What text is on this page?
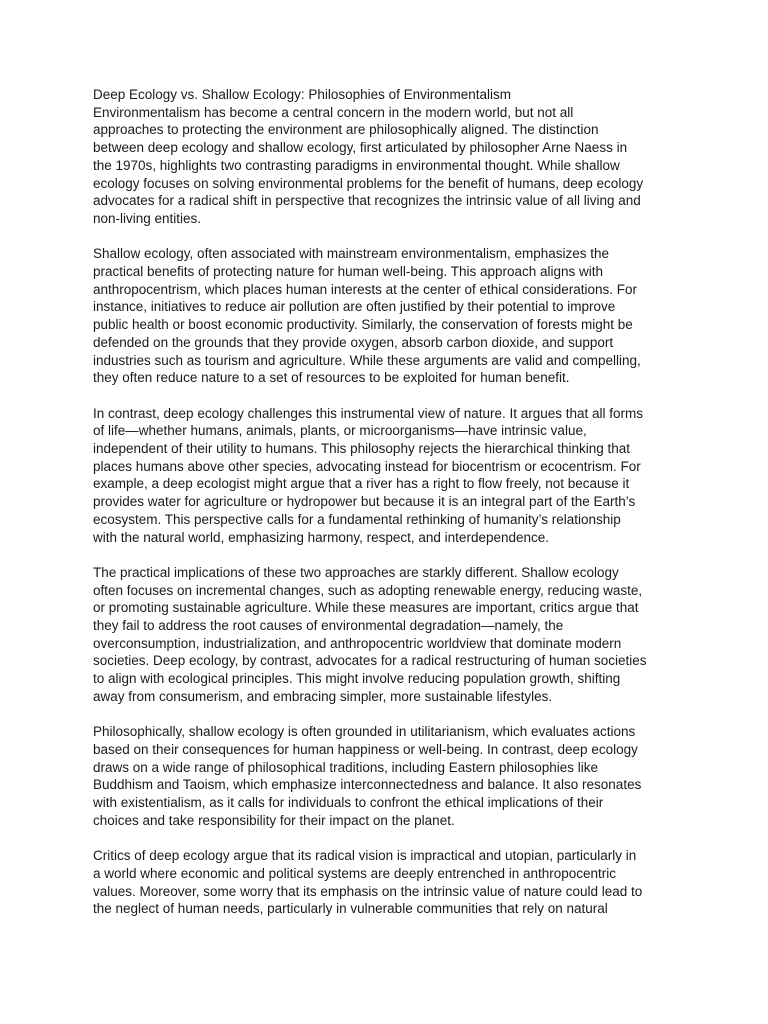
Deep Ecology vs. Shallow Ecology: Philosophies of Environmentalism

Environmentalism has become a central concern in the modern world, but not all
approaches to protecting the environment are philosophically aligned. The distinction
between deep ecology and shallow ecology, first articulated by philosopher Arne Naess in
the 1970s, highlights two contrasting paradigms in environmental thought. While shallow
ecology focuses on solving environmental problems for the benefit of humans, deep ecology
advocates for a radical shift in perspective that recognizes the intrinsic value of all living and
non-living entities.

Shallow ecology, often associated with mainstream environmentalism, emphasizes the
practical benefits of protecting nature for human well-being. This approach aligns with
anthropocentrism, which places human interests at the center of ethical considerations. For
instance, initiatives to reduce air pollution are often justified by their potential to improve
public health or boost economic productivity. Similarly, the conservation of forests might be
defended on the grounds that they provide oxygen, absorb carbon dioxide, and support
industries such as tourism and agriculture. While these arguments are valid and compelling,
they often reduce nature to a set of resources to be exploited for human benefit.

In contrast, deep ecology challenges this instrumental view of nature. It argues that all forms
of life—whether humans, animals, plants, or microorganisms—have intrinsic value,
independent of their utility to humans. This philosophy rejects the hierarchical thinking that
places humans above other species, advocating instead for biocentrism or ecocentrism. For
example, a deep ecologist might argue that a river has a right to flow freely, not because it
provides water for agriculture or hydropower but because it is an integral part of the Earth’s
ecosystem. This perspective calls for a fundamental rethinking of humanity’s relationship
with the natural world, emphasizing harmony, respect, and interdependence.

The practical implications of these two approaches are starkly different. Shallow ecology
often focuses on incremental changes, such as adopting renewable energy, reducing waste,
or promoting sustainable agriculture. While these measures are important, critics argue that
they fail to address the root causes of environmental degradation—namely, the
overconsumption, industrialization, and anthropocentric worldview that dominate modern
societies. Deep ecology, by contrast, advocates for a radical restructuring of human societies
to align with ecological principles. This might involve reducing population growth, shifting
away from consumerism, and embracing simpler, more sustainable lifestyles.

Philosophically, shallow ecology is often grounded in utilitarianism, which evaluates actions
based on their consequences for human happiness or well-being. In contrast, deep ecology
draws on a wide range of philosophical traditions, including Eastern philosophies like
Buddhism and Taoism, which emphasize interconnectedness and balance. It also resonates
with existentialism, as it calls for individuals to confront the ethical implications of their
choices and take responsibility for their impact on the planet.

Critics of deep ecology argue that its radical vision is impractical and utopian, particularly in
a world where economic and political systems are deeply entrenched in anthropocentric
values. Moreover, some worry that its emphasis on the intrinsic value of nature could lead to
the neglect of human needs, particularly in vulnerable communities that rely on natural
